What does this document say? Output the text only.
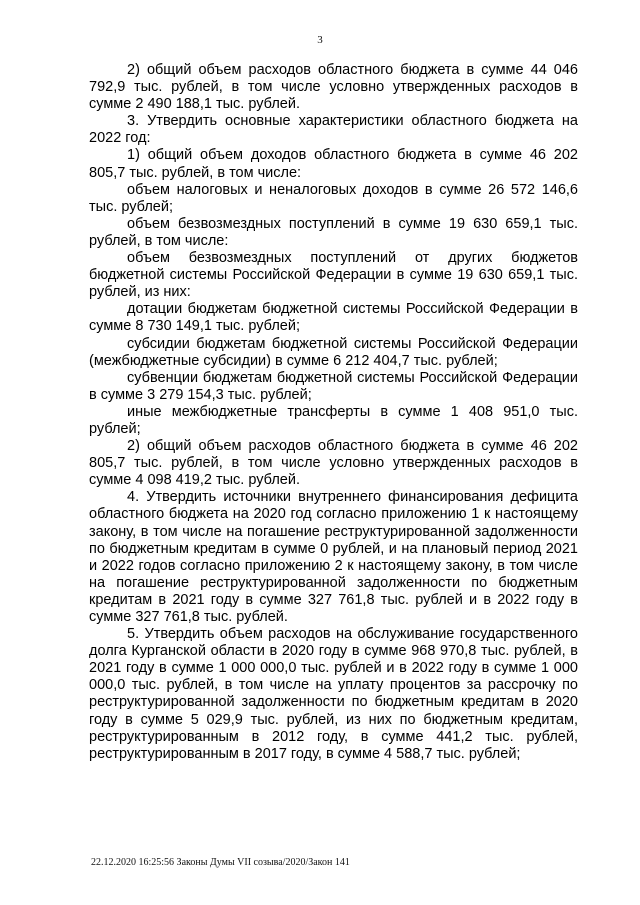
3

2) общий объем расходов областного бюджета в сумме 44 046 792,9 тыс. рублей, в том числе условно утвержденных расходов в сумме 2 490 188,1 тыс. рублей.

3. Утвердить основные характеристики областного бюджета на 2022 год:

1) общий объем доходов областного бюджета в сумме 46 202 805,7 тыс. рублей, в том числе:

объем налоговых и неналоговых доходов в сумме 26 572 146,6 тыс. рублей;

объем безвозмездных поступлений в сумме 19 630 659,1 тыс. рублей, в том числе:

объем безвозмездных поступлений от других бюджетов бюджетной системы Российской Федерации в сумме 19 630 659,1 тыс. рублей, из них:

дотации бюджетам бюджетной системы Российской Федерации в сумме 8 730 149,1 тыс. рублей;

субсидии бюджетам бюджетной системы Российской Федерации (межбюджетные субсидии) в сумме 6 212 404,7 тыс. рублей;

субвенции бюджетам бюджетной системы Российской Федерации в сумме 3 279 154,3 тыс. рублей;

иные межбюджетные трансферты в сумме 1 408 951,0 тыс. рублей;

2) общий объем расходов областного бюджета в сумме 46 202 805,7 тыс. рублей, в том числе условно утвержденных расходов в сумме 4 098 419,2 тыс. рублей.

4. Утвердить источники внутреннего финансирования дефицита областного бюджета на 2020 год согласно приложению 1 к настоящему закону, в том числе на погашение реструктурированной задолженности по бюджетным кредитам в сумме 0 рублей, и на плановый период 2021 и 2022 годов согласно приложению 2 к настоящему закону, в том числе на погашение реструктурированной задолженности по бюджетным кредитам в 2021 году в сумме 327 761,8 тыс. рублей и в 2022 году в сумме 327 761,8 тыс. рублей.

5. Утвердить объем расходов на обслуживание государственного долга Курганской области в 2020 году в сумме 968 970,8 тыс. рублей, в 2021 году в сумме 1 000 000,0 тыс. рублей и в 2022 году в сумме 1 000 000,0 тыс. рублей, в том числе на уплату процентов за рассрочку по реструктурированной задолженности по бюджетным кредитам в 2020 году в сумме 5 029,9 тыс. рублей, из них по бюджетным кредитам, реструктурированным в 2012 году, в сумме 441,2 тыс. рублей, реструктурированным в 2017 году, в сумме 4 588,7 тыс. рублей;

22.12.2020 16:25:56 Законы Думы VII созыва/2020/Закон 141
